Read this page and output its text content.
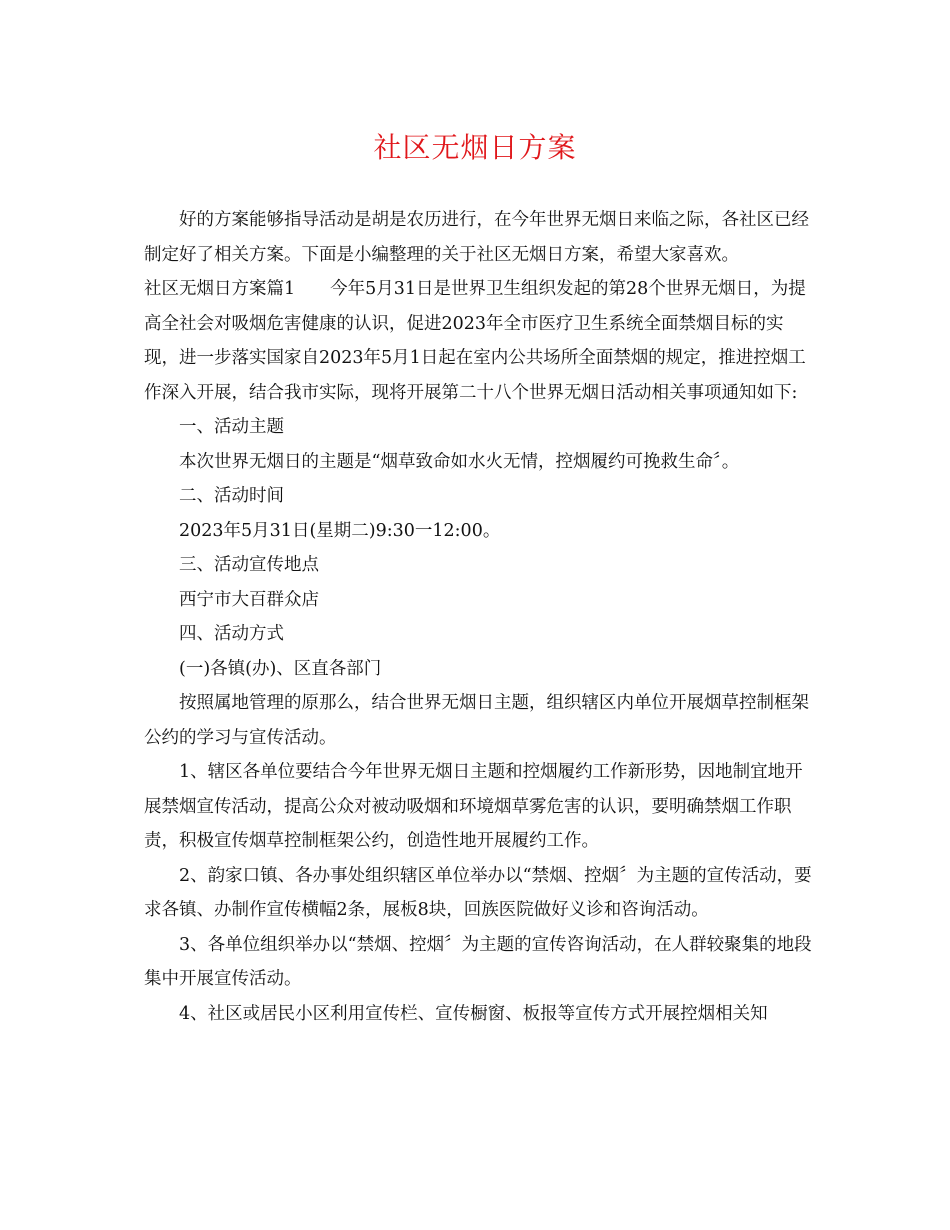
社区无烟日方案

好的方案能够指导活动是胡是农历进行，在今年世界无烟日来临之际，各社区已经制定好了相关方案。下面是小编整理的关于社区无烟日方案，希望大家喜欢。

社区无烟日方案篇1　　今年5月31日是世界卫生组织发起的第28个世界无烟日，为提高全社会对吸烟危害健康的认识，促进2023年全市医疗卫生系统全面禁烟目标的实现，进一步落实国家自2023年5月1日起在室内公共场所全面禁烟的规定，推进控烟工作深入开展，结合我市实际，现将开展第二十八个世界无烟日活动相关事项通知如下:

一、活动主题

本次世界无烟日的主题是“烟草致命如水火无情，控烟履约可挽救生命〞。

二、活动时间

2023年5月31日(星期二)9:30一12:00。

三、活动宣传地点

西宁市大百群众店

四、活动方式

(一)各镇(办)、区直各部门

按照属地管理的原那么，结合世界无烟日主题，组织辖区内单位开展烟草控制框架公约的学习与宣传活动。

1、辖区各单位要结合今年世界无烟日主题和控烟履约工作新形势，因地制宜地开展禁烟宣传活动，提高公众对被动吸烟和环境烟草雾危害的认识，要明确禁烟工作职责，积极宣传烟草控制框架公约，创造性地开展履约工作。

2、韵家口镇、各办事处组织辖区单位举办以“禁烟、控烟〞为主题的宣传活动，要求各镇、办制作宣传横幅2条，展板8块，回族医院做好义诊和咨询活动。

3、各单位组织举办以“禁烟、控烟〞为主题的宣传咨询活动，在人群较聚集的地段集中开展宣传活动。

4、社区或居民小区利用宣传栏、宣传橱窗、板报等宣传方式开展控烟相关知
